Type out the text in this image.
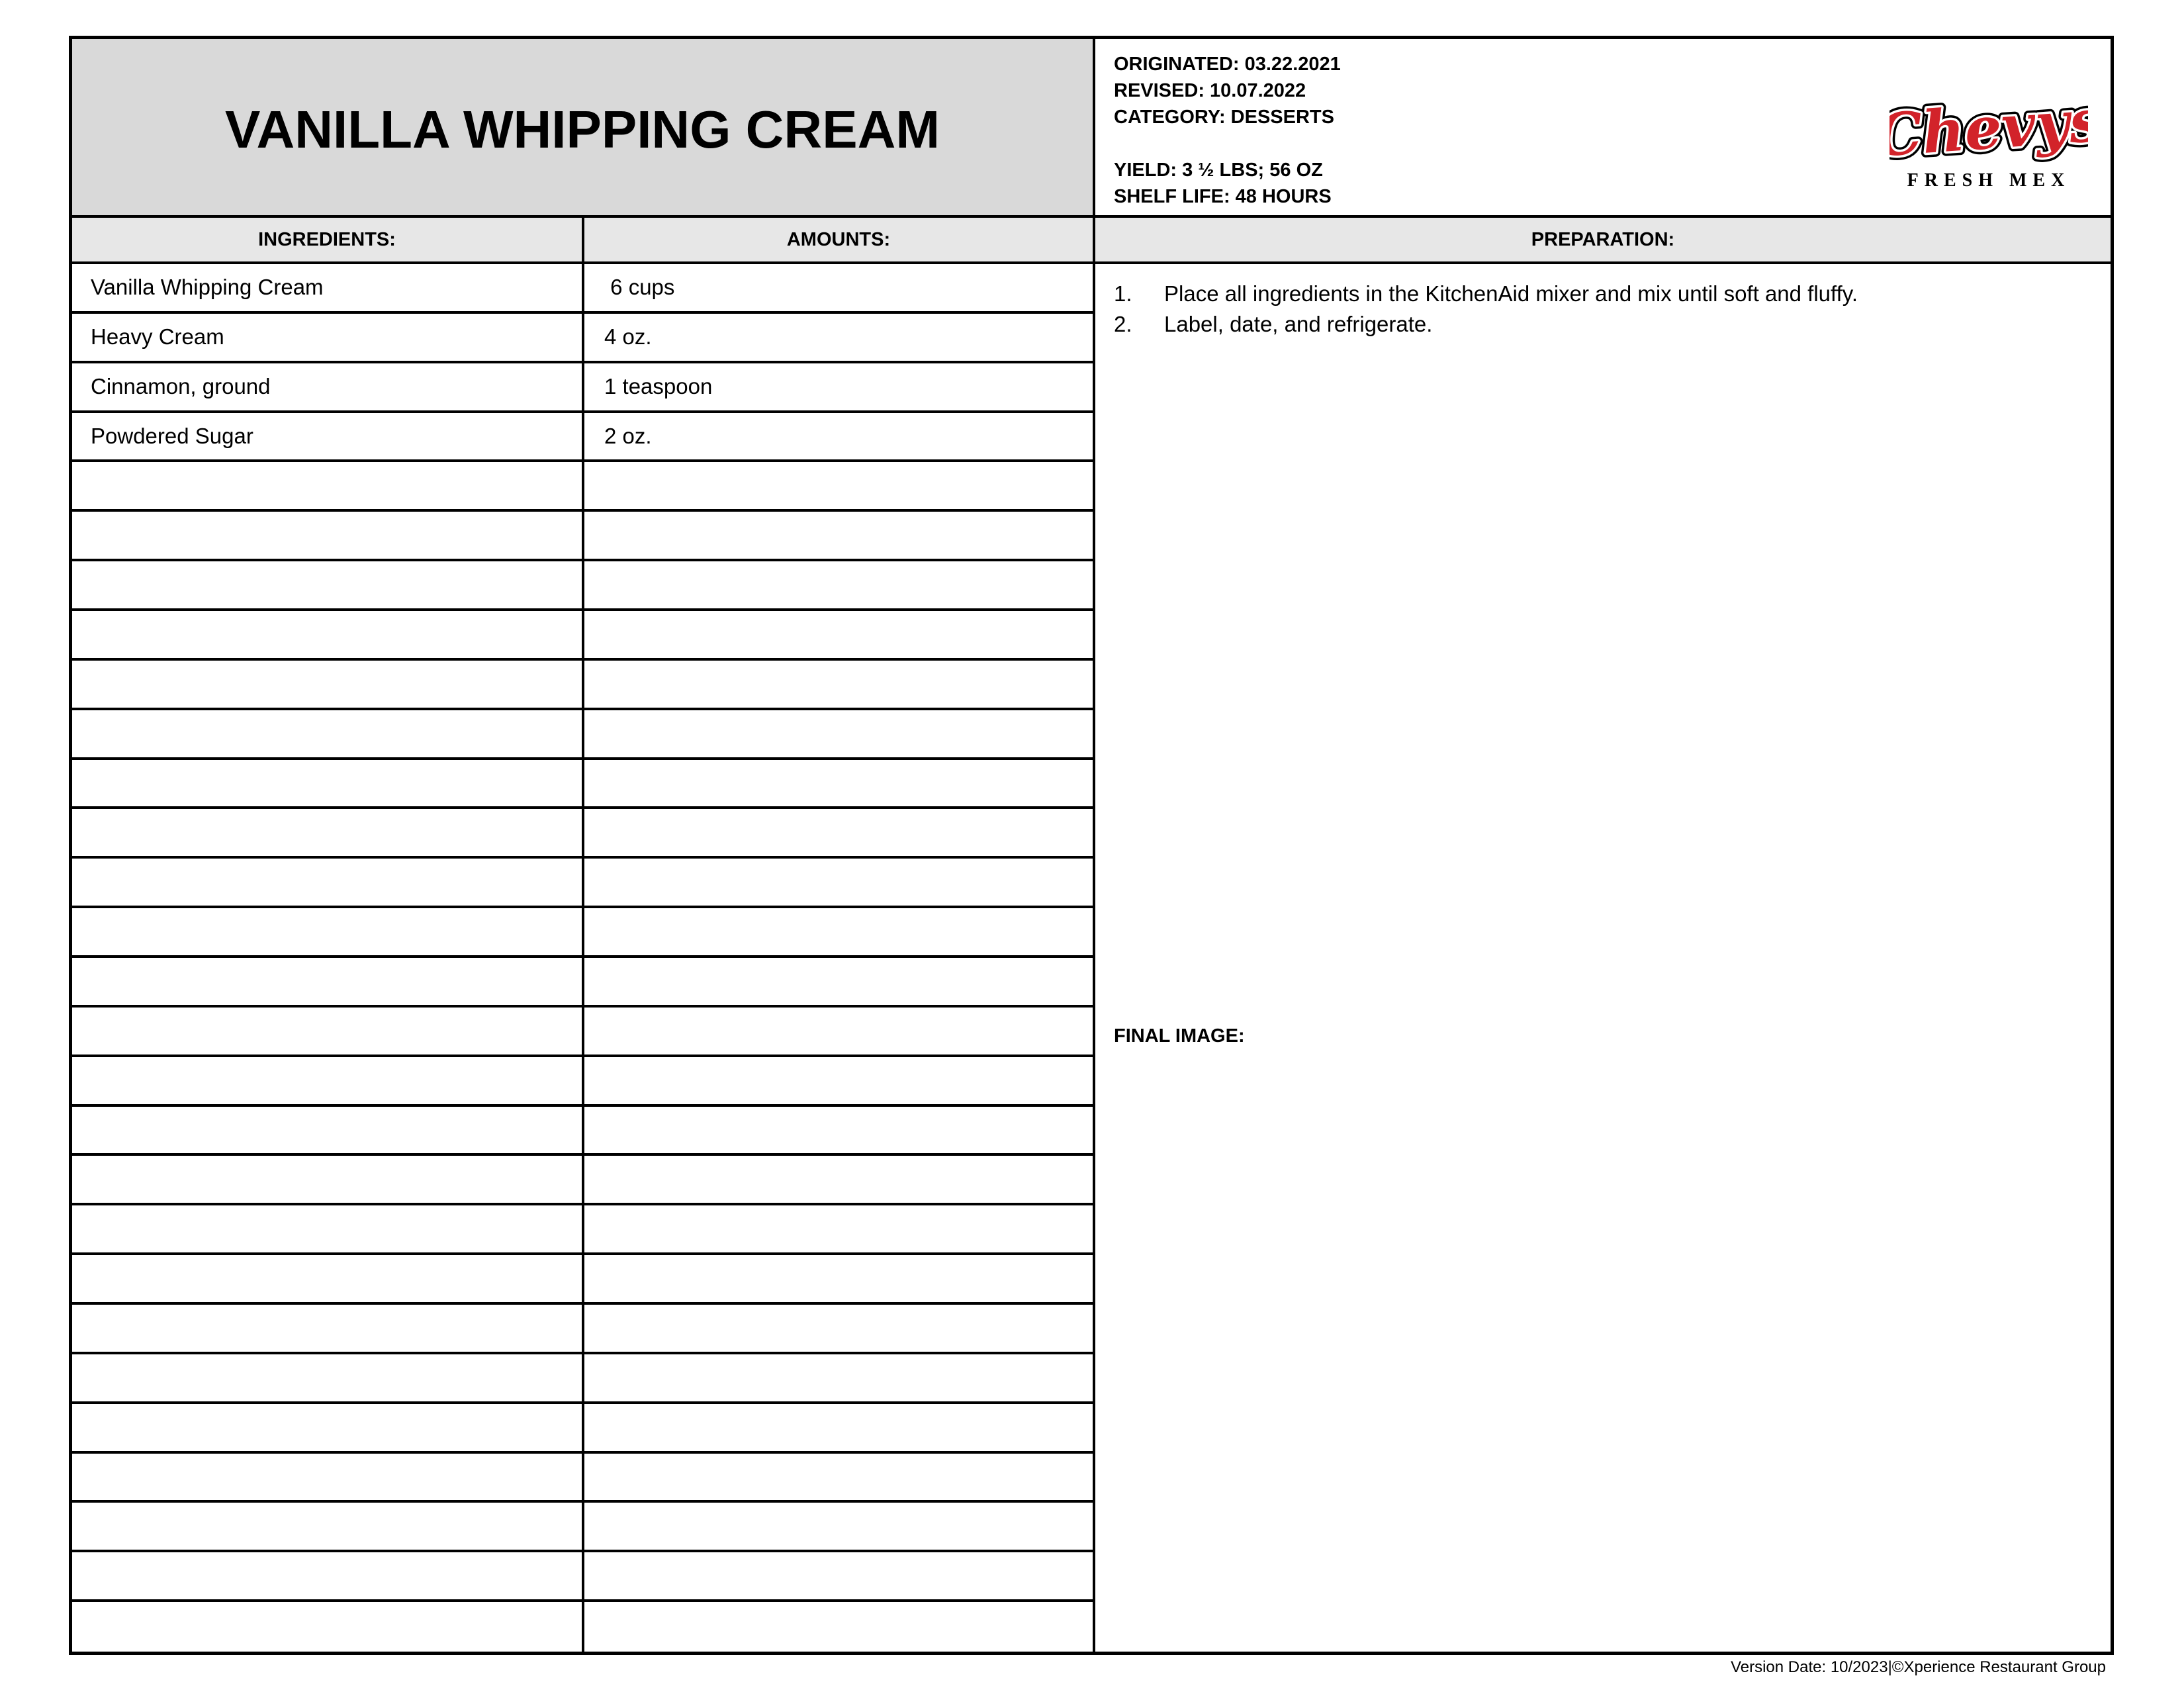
VANILLA WHIPPING CREAM
ORIGINATED: 03.22.2021
REVISED: 10.07.2022
CATEGORY: DESSERTS
YIELD: 3 ½ LBS; 56 OZ
SHELF LIFE: 48 HOURS
Chevys
Chevys
Chevys
FRESH MEX
INGREDIENTS:	AMOUNTS:	PREPARATION:
Vanilla Whipping Cream	6 cups
Heavy Cream	4 oz.
Cinnamon, ground	1 teaspoon
Powdered Sugar	2 oz.
1.	Place all ingredients in the KitchenAid mixer and mix until soft and fluffy.
2.	Label, date, and refrigerate.
FINAL IMAGE:
Version Date: 10/2023|©Xperience Restaurant Group
